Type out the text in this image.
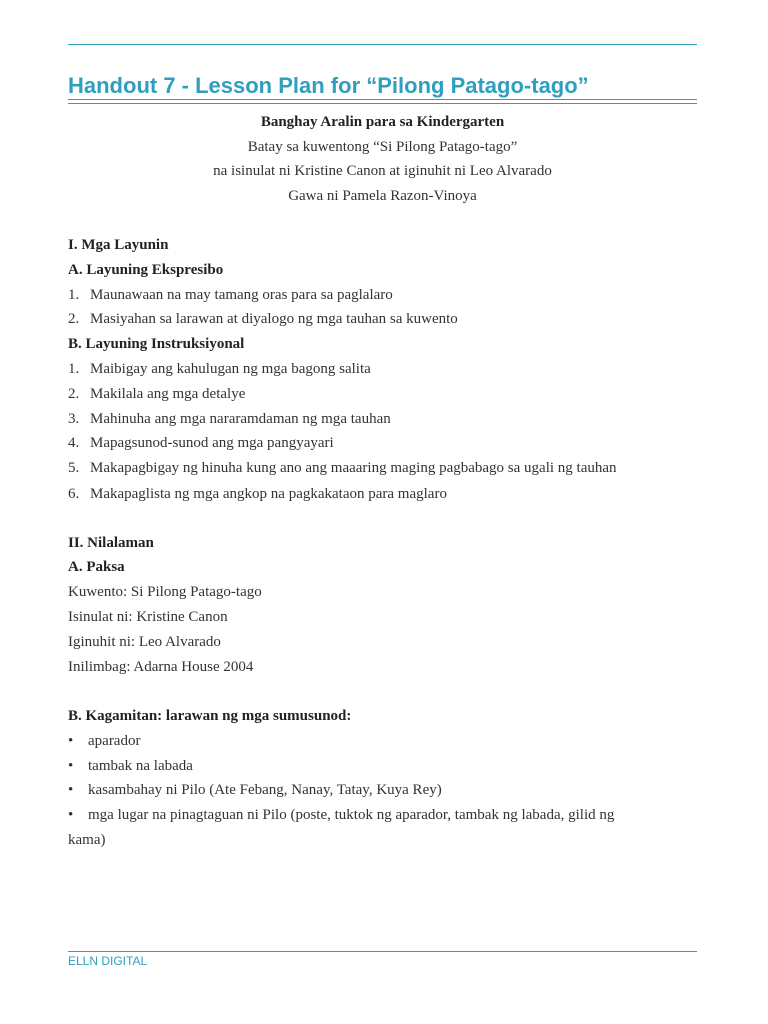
Handout 7 - Lesson Plan for “Pilong Patago-tago”
Banghay Aralin para sa Kindergarten
Batay sa kuwentong “Si Pilong Patago-tago”
na isinulat ni Kristine Canon at iginuhit ni Leo Alvarado
Gawa ni Pamela Razon-Vinoya
I. Mga Layunin
A. Layuning Ekspresibo
1. Maunawaan na may tamang oras para sa paglalaro
2. Masiyahan sa larawan at diyalogo ng mga tauhan sa kuwento
B. Layuning Instruksiyonal
1. Maibigay ang kahulugan ng mga bagong salita
2. Makilala ang mga detalye
3. Mahinuha ang mga nararamdaman ng mga tauhan
4. Mapagsunod-sunod ang mga pangyayari
5. Makapagbigay ng hinuha kung ano ang maaaring maging pagbabago sa ugali ng tauhan
6. Makapaglista ng mga angkop na pagkakataon para maglaro
II. Nilalaman
A. Paksa
Kuwento: Si Pilong Patago-tago
Isinulat ni: Kristine Canon
Iginuhit ni: Leo Alvarado
Inilimbag: Adarna House 2004
B. Kagamitan: larawan ng mga sumusunod:
• aparador
• tambak na labada
• kasambahay ni Pilo (Ate Febang, Nanay, Tatay, Kuya Rey)
• mga lugar na pinagtaguan ni Pilo (poste, tuktok ng aparador, tambak ng labada, gilid ng
kama)
ELLN DIGITAL
